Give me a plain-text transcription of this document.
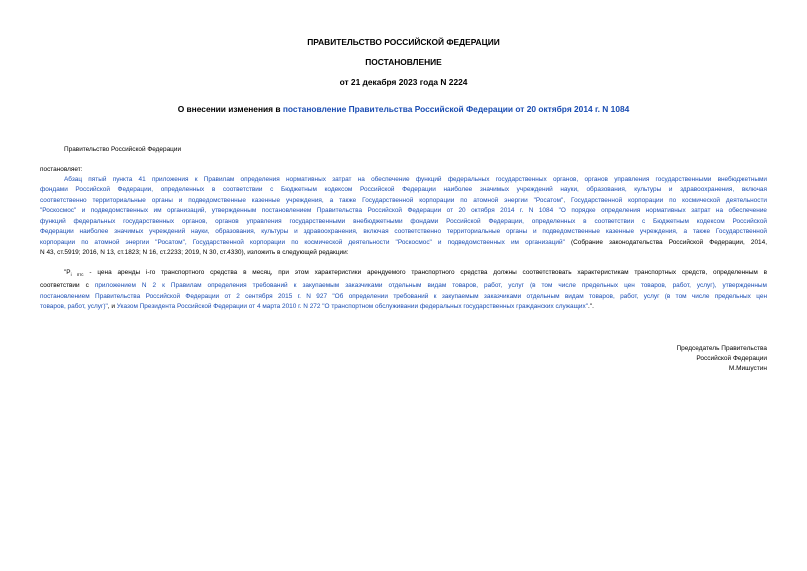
ПРАВИТЕЛЬСТВО РОССИЙСКОЙ ФЕДЕРАЦИИ
ПОСТАНОВЛЕНИЕ
от 21 декабря 2023 года N 2224
О внесении изменения в постановление Правительства Российской Федерации от 20 октября 2014 г. N 1084
Правительство Российской Федерации
постановляет:
Абзац пятый пункта 41 приложения к Правилам определения нормативных затрат на обеспечение функций федеральных государственных органов, органов управления государственными внебюджетными
фондами Российской Федерации, определенных в соответствии с Бюджетным кодексом Российской Федерации наиболее значимых учреждений науки, образования, культуры и здравоохранения, включая
соответственно территориальные органы и подведомственные казенные учреждения, а также Государственной корпорации по атомной энергии "Росатом", Государственной корпорации по космической деятельности
"Роскосмос" и подведомственных им организаций, утвержденным постановлением Правительства Российской Федерации от 20 октября 2014 г. N 1084 "О порядке определения нормативных затрат на обеспечение
функций федеральных государственных органов, органов управления государственными внебюджетными фондами Российской Федерации, определенных в соответствии с Бюджетным кодексом Российской
Федерации наиболее значимых учреждений науки, образования, культуры и здравоохранения, включая соответственно территориальные органы и подведомственные казенные учреждения, а также Государственной
корпорации по атомной энергии "Росатом", Государственной корпорации по космической деятельности "Роскосмос" и подведомственных им организаций" (Собрание законодательства Российской Федерации, 2014,
N 43, ст.5919; 2016, N 13, ст.1823; N 16, ст.2233; 2019, N 30, ст.4330), изложить в следующей редакции:
"$P_{i птс}$ - цена аренды i-го транспортного средства в месяц, при этом характеристики арендуемого транспортного средства должны соответствовать характеристикам транспортных средств, определенным в
соответствии с приложением N 2 к Правилам определения требований к закупаемым заказчиками отдельным видам товаров, работ, услуг (в том числе предельных цен товаров, работ, услуг), утвержденным
постановлением Правительства Российской Федерации от 2 сентября 2015 г. N 927 "Об определении требований к закупаемым заказчиками отдельным видам товаров, работ, услуг (в том числе предельных цен
товаров, работ, услуг)", и Указом Президента Российской Федерации от 4 марта 2010 г. N 272 "О транспортном обслуживании федеральных государственных гражданских служащих".".
Председатель Правительства
Российской Федерации
М.Мишустин
